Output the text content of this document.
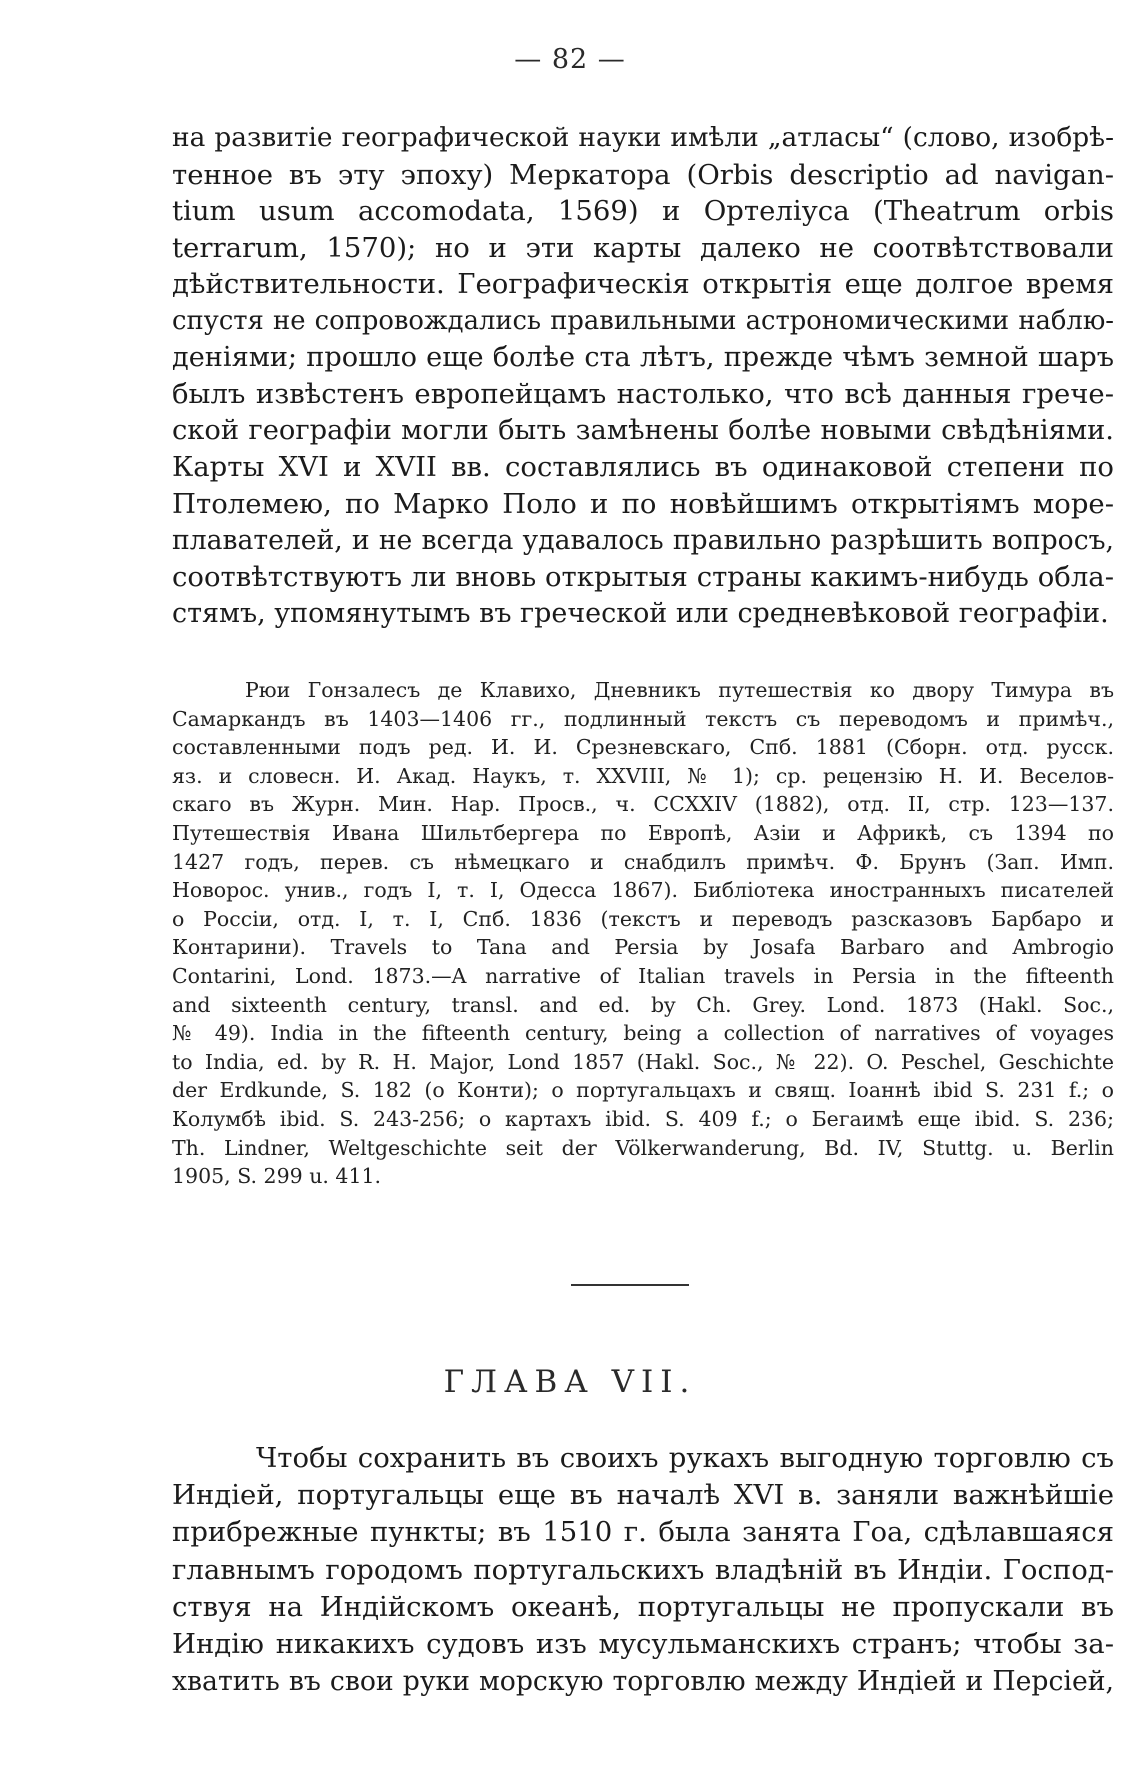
— 82 —
на развитіе географической науки имѣли „атласы“ (слово, изобрѣ-
тенное въ эту эпоху) Меркатора (Orbis descriptio ad navigan-
tium usum accomodata, 1569) и Ортелiуса (Theatrum orbis
terrarum, 1570); но и эти карты далеко не соотвѣтствовали
дѣйствительности. Географическія открытія еще долгое время
спустя не сопровождались правильными астрономическими наблю-
деніями; прошло еще болѣе ста лѣтъ, прежде чѣмъ земной шаръ
былъ извѣстенъ европейцамъ настолько, что всѣ данныя грече-
ской географiи могли быть замѣнены болѣе новыми свѣдѣніями.
Карты XVI и XVII вв. составлялись въ одинаковой степени по
Птолемею, по Марко Поло и по новѣйшимъ открытiямъ море-
плавателей, и не всегда удавалось правильно разрѣшить вопросъ,
соотвѣтствуютъ ли вновь открытыя страны какимъ-нибудь обла-
стямъ, упомянутымъ въ греческой или средневѣковой географiи.
Рюи Гонзалесъ де Клавихо, Дневникъ путешествія ко двору Тимура въ
Самаркандъ въ 1403—1406 гг., подлинный текстъ съ переводомъ и примѣч.,
составленными подъ ред. И. И. Срезневскаго, Спб. 1881 (Сборн. отд. русск.
яз. и словесн. И. Акад. Наукъ, т. XXVIII, № 1); ср. рецензію Н. И. Веселов-
скаго въ Журн. Мин. Нар. Просв., ч. CCXXIV (1882), отд. II, стр. 123—137.
Путешествія Ивана Шильтбергера по Европѣ, Азіи и Африкѣ, съ 1394 по
1427 годъ, перев. съ нѣмецкаго и снабдилъ примѣч. Ф. Брунъ (Зап. Имп.
Новорос. унив., годъ I, т. I, Одесса 1867). Библіотека иностранныхъ писателей
о Россіи, отд. I, т. I, Спб. 1836 (текстъ и переводъ разсказовъ Барбаро и
Контарини). Travels to Tana and Persia by Josafa Barbaro and Ambrogio
Contarini, Lond. 1873.—A narrative of Italian travels in Persia in the fifteenth
and sixteenth century, transl. and ed. by Ch. Grey. Lond. 1873 (Hakl. Soc.,
№ 49). India in the fifteenth century, being a collection of narratives of voyages
to India, ed. by R. H. Major, Lond 1857 (Hakl. Soc., № 22). O. Peschel, Geschichte
der Erdkunde, S. 182 (о Конти); о португальцахъ и свящ. Iоаннѣ ibid S. 231 f.; о
Колумбѣ ibid. S. 243-256; о картахъ ibid. S. 409 f.; о Бегаимѣ еще ibid. S. 236;
Th. Lindner, Weltgeschichte seit der Völkerwanderung, Bd. IV, Stuttg. u. Berlin
1905, S. 299 u. 411.
ГЛАВА VII.
Чтобы сохранить въ своихъ рукахъ выгодную торговлю съ
Индіей, португальцы еще въ началѣ XVI в. заняли важнѣйшіе
прибрежные пункты; въ 1510 г. была занята Гоа, сдѣлавшаяся
главнымъ городомъ португальскихъ владѣній въ Индіи. Господ-
ствуя на Индійскомъ океанѣ, португальцы не пропускали въ
Индію никакихъ судовъ изъ мусульманскихъ странъ; чтобы за-
хватить въ свои руки морскую торговлю между Индіей и Персіей,
